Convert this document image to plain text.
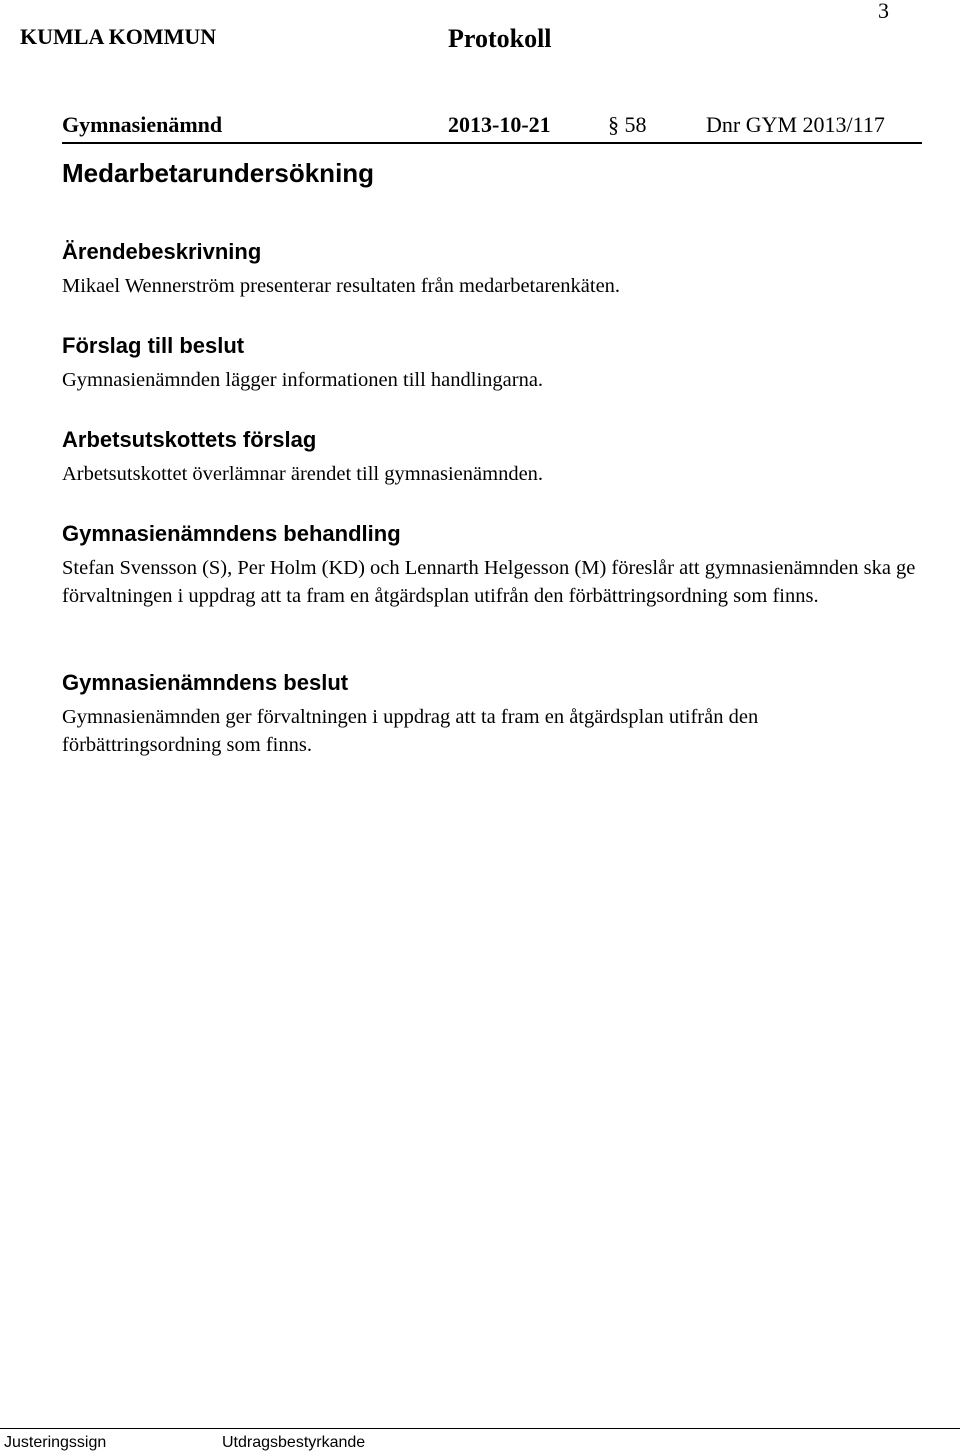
3
KUMLA KOMMUN	Protokoll
Gymnasienämnd	2013-10-21	§ 58	Dnr GYM 2013/117
Medarbetarundersökning
Ärendebeskrivning

Mikael Wennerström presenterar resultaten från medarbetarenkäten.

Förslag till beslut

Gymnasienämnden lägger informationen till handlingarna.

Arbetsutskottets förslag

Arbetsutskottet överlämnar ärendet till gymnasienämnden.

Gymnasienämndens behandling

Stefan Svensson (S), Per Holm (KD) och Lennarth Helgesson (M) föreslår att gymnasienämnden ska ge förvaltningen i uppdrag att ta fram en åtgärdsplan utifrån den förbättringsordning som finns.

Gymnasienämndens beslut

Gymnasienämnden ger förvaltningen i uppdrag att ta fram en åtgärdsplan utifrån den förbättringsordning som finns.

Justeringssign	Utdragsbestyrkande
